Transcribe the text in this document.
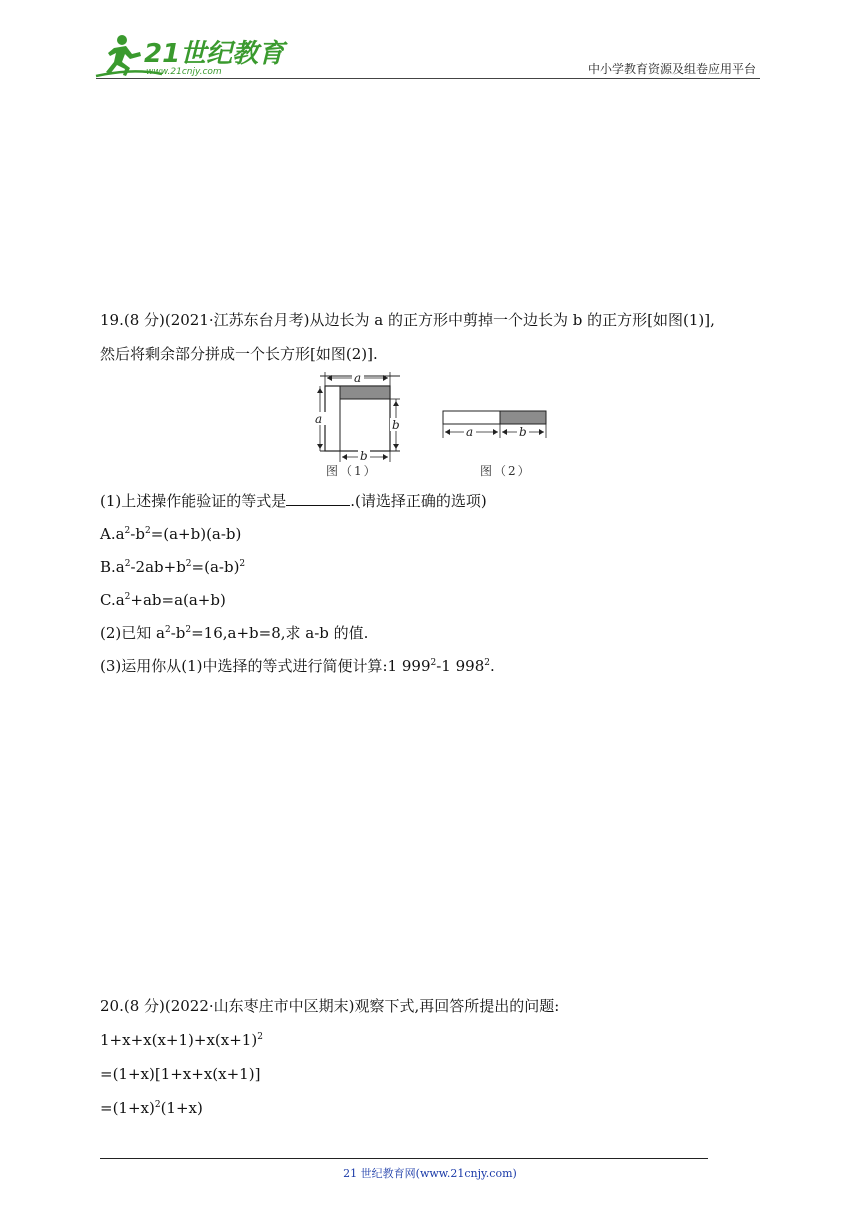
21世纪教育
www.21cnjy.com	中小学教育资源及组卷应用平台
19.(8 分)(2021·江苏东台月考)从边长为 a 的正方形中剪掉一个边长为 b 的正方形[如图(1)],
然后将剩余部分拼成一个长方形[如图(2)].
a
a	b
b
a	b
图（1）	图（2）
(1)上述操作能验证的等式是	.(请选择正确的选项)
$A.a^2-b^2=(a+b)(a-b)$
$B.a^2-2ab+b^2=(a-b)^2$
$C.a^2+ab=a(a+b)$
(2)已知 $a^2-b^2=16,a+b=8$,求 a-b 的值.
(3)运用你从(1)中选择的等式进行简便计算:1 $999^2-1$ $998^2$.
20.(8 分)(2022·山东枣庄市中区期末)观察下式,再回答所提出的问题:
$1+x+x(x+1)+x(x+1)^2$
=(1+x)[1+x+x(x+1)]
$=(1+x)^2(1+x)$
21 世纪教育网(www.21cnjy.com)
